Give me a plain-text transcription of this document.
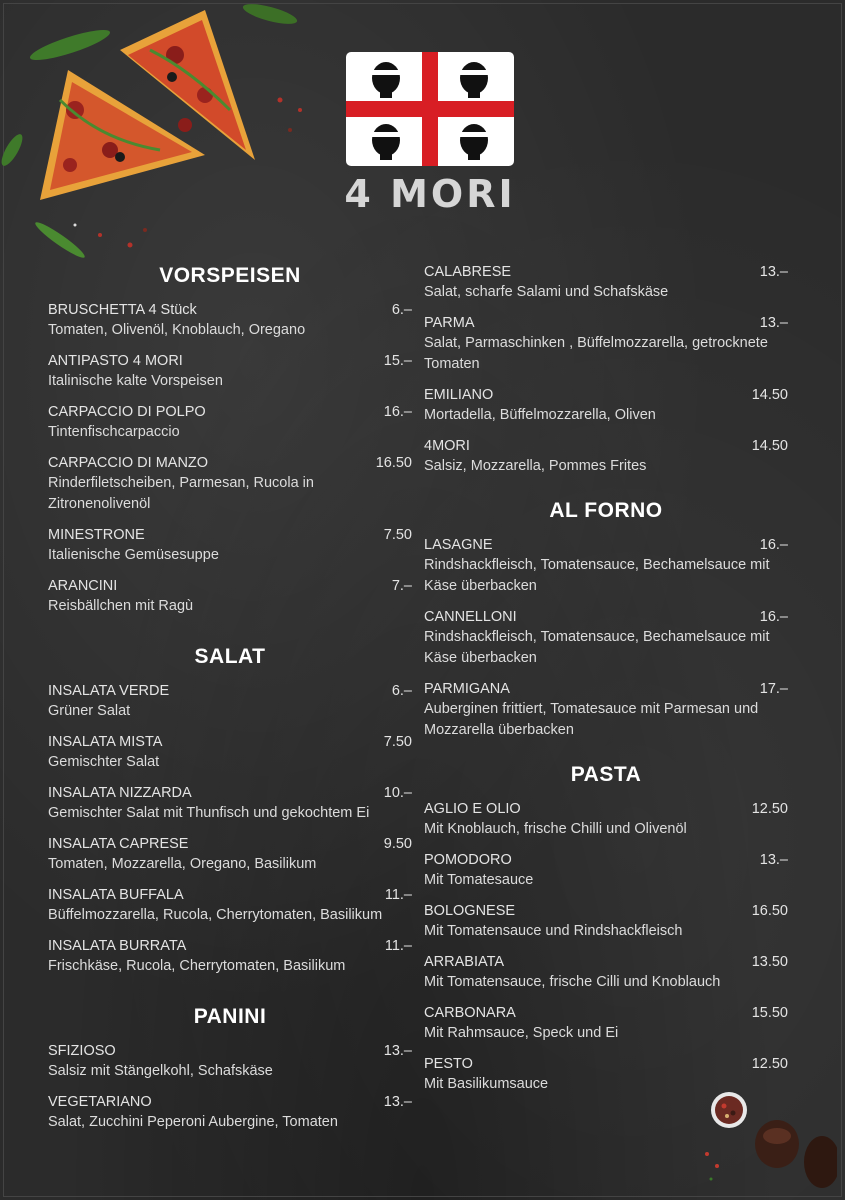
4 MORI
VORSPEISEN
BRUSCHETTA 4 Stück	6.–
Tomaten, Olivenöl, Knoblauch, Oregano
ANTIPASTO 4 MORI	15.–
Italinische kalte Vorspeisen
CARPACCIO DI POLPO	16.–
Tintenfischcarpaccio
CARPACCIO DI MANZO	16.50
Rinderfiletscheiben, Parmesan, Rucola in Zitronenolivenöl
MINESTRONE	7.50
Italienische Gemüsesuppe
ARANCINI	7.–
Reisbällchen mit Ragù
SALAT
INSALATA VERDE	6.–
Grüner Salat
INSALATA MISTA	7.50
Gemischter Salat
INSALATA NIZZARDA	10.–
Gemischter Salat mit Thunfisch und gekochtem Ei
INSALATA CAPRESE	9.50
Tomaten, Mozzarella, Oregano, Basilikum
INSALATA BUFFALA	11.–
Büffelmozzarella, Rucola, Cherrytomaten, Basilikum
INSALATA BURRATA	11.–
Frischkäse, Rucola, Cherrytomaten, Basilikum
PANINI
SFIZIOSO	13.–
Salsiz mit Stängelkohl, Schafskäse
VEGETARIANO	13.–
Salat, Zucchini Peperoni Aubergine, Tomaten
CALABRESE	13.–
Salat, scharfe Salami und Schafskäse
PARMA	13.–
Salat, Parmaschinken , Büffelmozzarella, getrocknete Tomaten
EMILIANO	14.50
Mortadella, Büffelmozzarella, Oliven
4MORI	14.50
Salsiz, Mozzarella, Pommes Frites
AL FORNO
LASAGNE	16.–
Rindshackfleisch, Tomatensauce, Bechamelsauce mit Käse überbacken
CANNELLONI	16.–
Rindshackfleisch, Tomatensauce, Bechamelsauce mit Käse überbacken
PARMIGANA	17.–
Auberginen frittiert, Tomatesauce mit Parmesan und Mozzarella überbacken
PASTA
AGLIO E OLIO	12.50
Mit Knoblauch, frische Chilli und Olivenöl
POMODORO	13.–
Mit Tomatesauce
BOLOGNESE	16.50
Mit Tomatensauce und Rindshackfleisch
ARRABIATA	13.50
Mit Tomatensauce, frische Cilli und Knoblauch
CARBONARA	15.50
Mit Rahmsauce, Speck und Ei
PESTO	12.50
Mit Basilikumsauce
